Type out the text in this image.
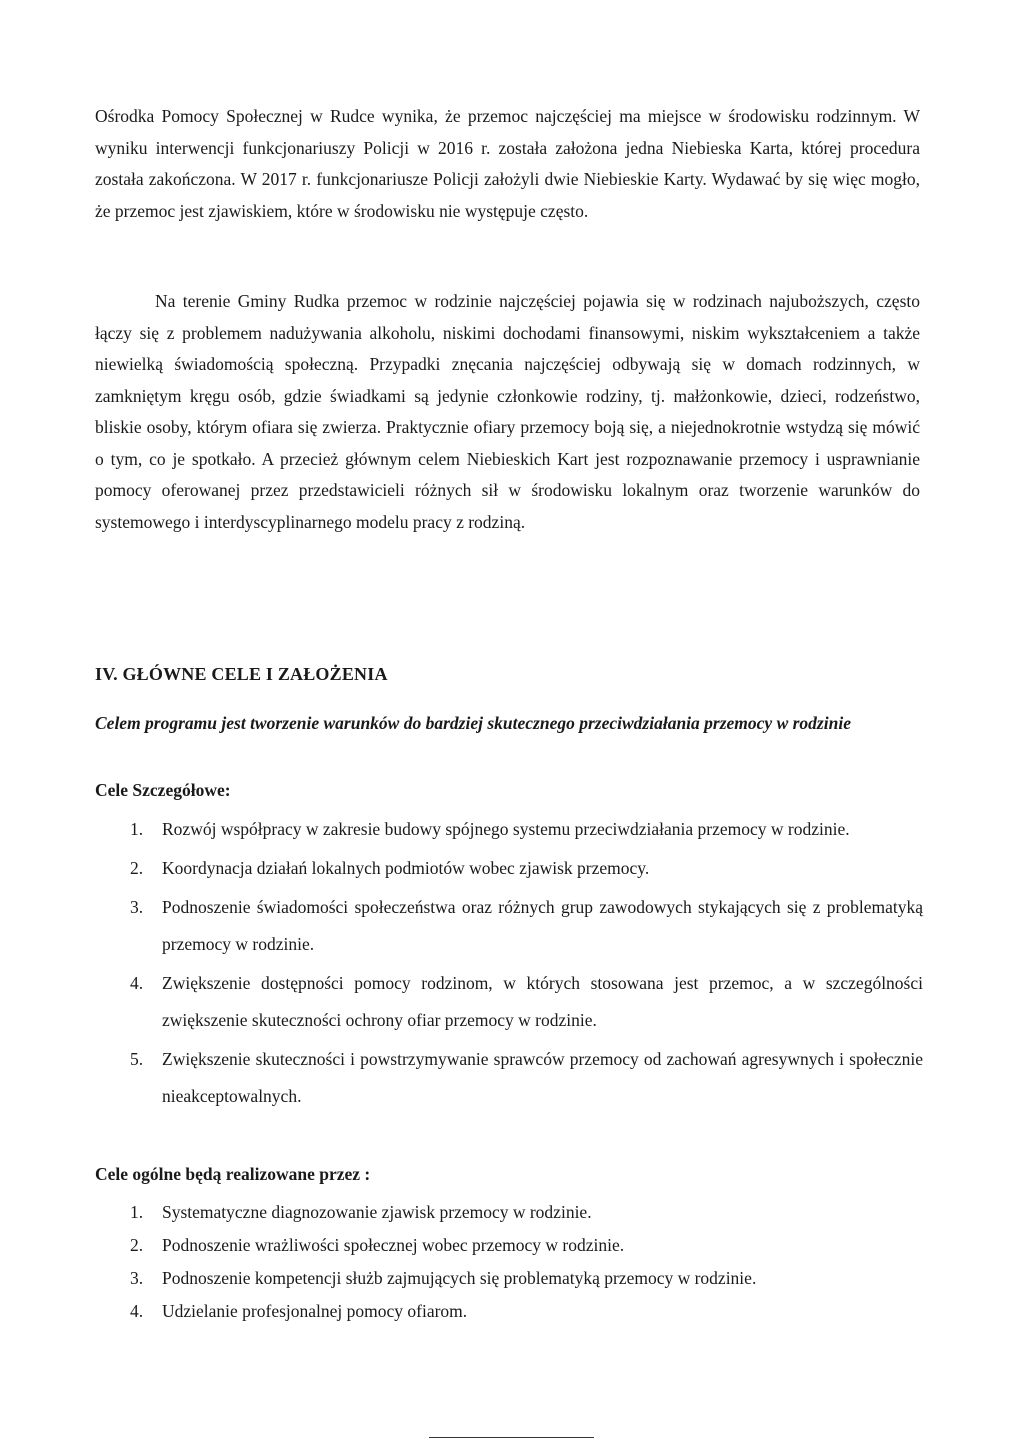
Ośrodka Pomocy Społecznej w Rudce wynika, że przemoc najczęściej ma miejsce w środowisku rodzinnym. W wyniku interwencji funkcjonariuszy Policji w 2016 r. została założona jedna Niebieska Karta, której procedura została zakończona. W 2017 r. funkcjonariusze Policji założyli dwie Niebieskie Karty. Wydawać by się więc mogło, że przemoc jest zjawiskiem, które w środowisku nie występuje często.

Na terenie Gminy Rudka przemoc w rodzinie najczęściej pojawia się w rodzinach najuboższych, często łączy się z problemem nadużywania alkoholu, niskimi dochodami finansowymi, niskim wykształceniem a także niewielką świadomością społeczną. Przypadki znęcania najczęściej odbywają się w domach rodzinnych, w zamkniętym kręgu osób, gdzie świadkami są jedynie członkowie rodziny, tj. małżonkowie, dzieci, rodzeństwo, bliskie osoby, którym ofiara się zwierza. Praktycznie ofiary przemocy boją się, a niejednokrotnie wstydzą się mówić o tym, co je spotkało. A przecież głównym celem Niebieskich Kart jest rozpoznawanie przemocy i usprawnianie pomocy oferowanej przez przedstawicieli różnych sił w środowisku lokalnym oraz tworzenie warunków do systemowego i interdyscyplinarnego modelu pracy z rodziną.

IV. GŁÓWNE CELE I ZAŁOŻENIA

Celem programu jest tworzenie warunków do bardziej skutecznego przeciwdziałania przemocy w rodzinie

Cele Szczegółowe:
1. Rozwój współpracy w zakresie budowy spójnego systemu przeciwdziałania przemocy w rodzinie.
2. Koordynacja działań lokalnych podmiotów wobec zjawisk przemocy.
3. Podnoszenie świadomości społeczeństwa oraz różnych grup zawodowych stykających się z problematyką przemocy w rodzinie.
4. Zwiększenie dostępności pomocy rodzinom, w których stosowana jest przemoc, a w szczególności zwiększenie skuteczności ochrony ofiar przemocy w rodzinie.
5. Zwiększenie skuteczności i powstrzymywanie sprawców przemocy od zachowań agresywnych i społecznie nieakceptowalnych.
Cele ogólne będą realizowane przez :
1. Systematyczne diagnozowanie zjawisk przemocy w rodzinie.
2. Podnoszenie wrażliwości społecznej wobec przemocy w rodzinie.
3. Podnoszenie kompetencji służb zajmujących się problematyką przemocy w rodzinie.
4. Udzielanie profesjonalnej pomocy ofiarom.
